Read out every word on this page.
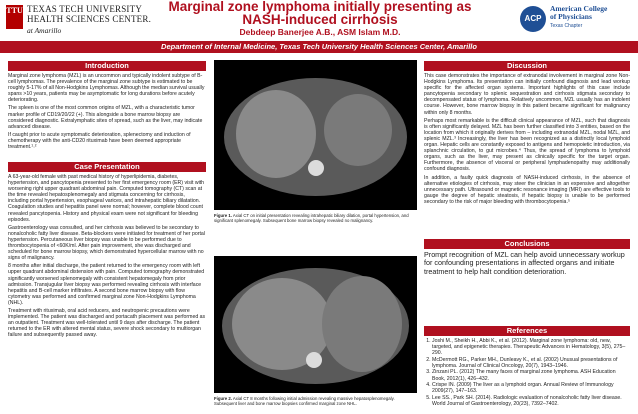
TTU TEXAS TECH UNIVERSITY
HEALTH SCIENCES CENTER.
at Amarillo
Marginal zone lymphoma initially presenting as
NASH-induced cirrhosis
Debdeep Banerjee A.B., ASM Islam M.D.
ACP
American College
of Physicians
Texas Chapter
Department of Internal Medicine, Texas Tech University Health Sciences Center, Amarillo
Introduction

Marginal zone lymphoma (MZL) is an uncommon and typically indolent subtype of B-cell lymphomas. The prevalence of the marginal zone subtype is estimated to be roughly 5-17% of all Non-Hodgkins Lymphomas. Although the median survival usually spans >10 years, patients may be asymptomatic for long durations before acutely deteriorating.

The spleen is one of the most common origins of MZL, with a characteristic tumor marker profile of CD19/20/22 (+). This alongside a bone marrow biopsy are considered diagnostic. Extralymphatic sites of spread, such as the liver, may indicate advanced disease.

If caught prior to acute symptomatic deterioration, splenectomy and induction of chemotherapy with the anti-CD20 rituximab have been deemed appropriate treatment.¹˒²

Case Presentation

A 63-year-old female with past medical history of hyperlipidemia, diabetes, hypertension, and pancytopenia presented to her first emergency room (ER) visit with worsening right upper quadrant abdominal pain. Computed tomography (CT) scan at the time revealed hepatosplenomegaly and stigmata concerning for cirrhosis, including portal hypertension, esophageal varices, and intrahepatic biliary dilatation. Coagulation studies and hepatitis panel were normal; however, complete blood count revealed pancytopenia. History and physical exam were not significant for bleeding episodes.

Gastroenterology was consulted, and her cirrhosis was believed to be secondary to nonalcoholic fatty liver disease. Beta-blockers were initiated for treatment of her portal hypertension. Percutaneous liver biopsy was unable to be performed due to thrombocytopenia of <60K/ml. After pain improvement, she was discharged and scheduled for bone marrow biopsy, which demonstrated hypercellular marrow with no signs of malignancy.

8 months after initial discharge, the patient returned to the emergency room with left upper quadrant abdominal distension with pain. Computed tomography demonstrated significantly worsened splenomegaly with consistent hepatomegaly from prior admission. Transjugular liver biopsy was performed revealing cirrhosis with interface hepatitis and B-cell marker infiltrates. A second bone marrow biopsy with flow cytometry was performed and confirmed marginal zone Non-Hodgkins Lymphoma (NHL).

Treatment with rituximab, oral acid reducers, and neutropenic precautions were implemented. The patient was discharged and portacath placement was performed as an outpatient. Treatment was well-tolerated until 9 days after discharge. The patient returned to the ER with altered mental status, severe shock secondary to multiorgan failure and subsequently passed away.

Figure 1. Axial CT on initial presentation revealing intrahepatic biliary dilation, portal hypertension, and significant splenomegaly. Subsequent bone marrow biopsy revealed no malignancy.
Figure 2. Axial CT 8 months following initial admission revealing massive hepatosplenomegaly. Subsequent liver and bone marrow biopsies confirmed marginal zone NHL.
Discussion

This case demonstrates the importance of extranodal involvement in marginal zone Non-Hodgkins Lymphoma. Its presentation can initially confound diagnosis and lead workup specific for the affected organ systems. Important highlights of this case include pancytopenia secondary to splenic sequestration and cirrhosis stigmata secondary to decompensated status of lymphoma. Relatively uncommon, MZL usually has an indolent course. However, bone marrow biopsy in this patient became significant for malignancy within only 8 months.

Perhaps most remarkable is the difficult clinical appearance of MZL, such that diagnosis is often significantly delayed. MZL has been further classified into 3 entities, based on the location from which it originally derives from – including extranodal MZL, nodal MZL, and splenic MZL.³ Increasingly, the liver has been recognized as a distinctly local lymphoid organ. Hepatic cells are constantly exposed to antigens and hemopoietic introduction, via splanchnic circulation, to gut microbes.⁴ Thus, the spread of lymphoma to lymphoid organs, such as the liver, may present as clinically specific for the target organ. Furthermore, the absence of visceral or peripheral lymphadenopathy may additionally confound diagnosis.

In addition, a faulty quick diagnosis of NASH-induced cirrhosis, in the absence of alternative etiologies of cirrhosis, may steer the clinician in an expensive and altogether unnecessary path. Ultrasound or magnetic resonance imaging (MRI) are effective tools to gauge the degree of hepatic steatosis, if hepatic biopsy is unable to be performed secondary to the risk of major bleeding with thrombocytopenia.⁵

Conclusions
Prompt recognition of MZL can help avoid unnecessary workup for confounding presentations in affected organs and initiate treatment to help halt condition deterioration.
References
1. Joshi M., Sheikh H., Abbi K., et al. (2012). Marginal zone lymphoma: old, new, targeted, and epigenetic therapies. Therapeutic Advances in Hematology, 3(5), 275–290.
2. McDermott RG., Parker MH., Dunleavy K., et al. (2002) Unusual presentations of lymphoma. Journal of Clinical Oncology, 20(7), 1943–1946.
3. Zinzani PL. (2012) The many faces of marginal zone lymphoma. ASH Education Book, 2012(1), 426–432.
4. Crispe IN. (2009) The liver as a lymphoid organ. Annual Review of Immunology 2009(27), 147–163.
5. Lee SS., Park SH. (2014). Radiologic evaluation of nonalcoholic fatty liver disease. World Journal of Gastroenterology, 20(23), 7392–7402.
